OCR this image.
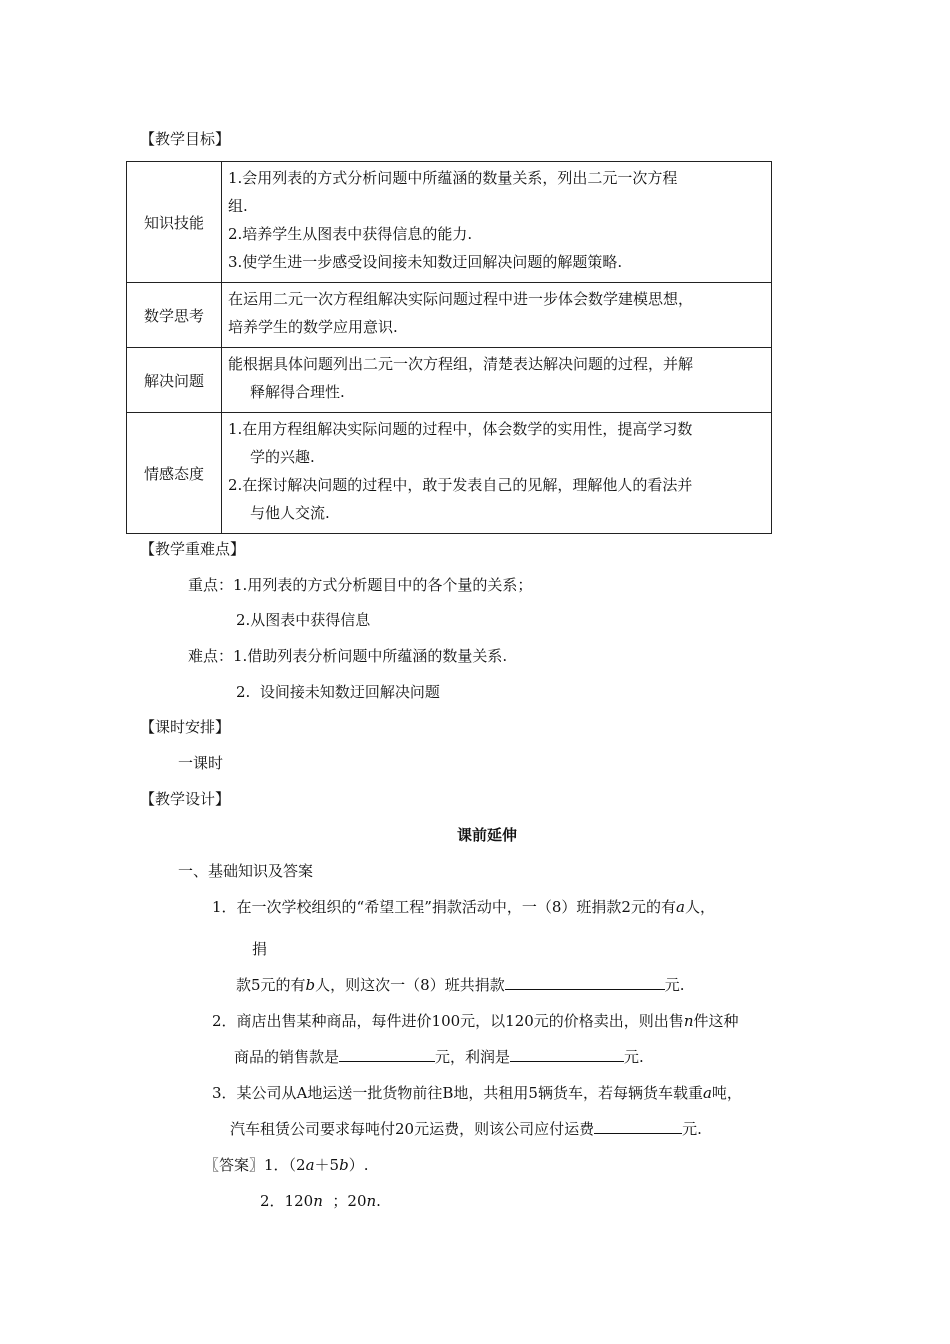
【教学目标】
知识技能	1.会用列表的方式分析问题中所蕴涵的数量关系，列出二元一次方程
组.
2.培养学生从图表中获得信息的能力.
3.使学生进一步感受设间接未知数迂回解决问题的解题策略.

数学思考	在运用二元一次方程组解决实际问题过程中进一步体会数学建模思想，
培养学生的数学应用意识.

解决问题	能根据具体问题列出二元一次方程组，清楚表达解决问题的过程，并解
释解得合理性.

情感态度	1.在用方程组解决实际问题的过程中，体会数学的实用性，提高学习数
学的兴趣.
2.在探讨解决问题的过程中，敢于发表自己的见解，理解他人的看法并
与他人交流.
【教学重难点】
重点：1.用列表的方式分析题目中的各个量的关系；
2.从图表中获得信息
难点：1.借助列表分析问题中所蕴涵的数量关系.
2.  设间接未知数迂回解决问题
【课时安排】
一课时
【教学设计】
课前延伸
一、基础知识及答案
1．在一次学校组织的“希望工程”捐款活动中，一（8）班捐款2元的有a人，
捐
款5元的有b人，则这次一（8）班共捐款	元.
2．商店出售某种商品，每件进价100元，以120元的价格卖出，则出售n件这种
商品的销售款是	元，利润是	元.
3．某公司从A地运送一批货物前往B地，共租用5辆货车，若每辆货车载重a吨，
汽车租赁公司要求每吨付20元运费，则该公司应付运费	元.
〖答案〗1．（2a＋5b）.
2．120n  ；20n.
